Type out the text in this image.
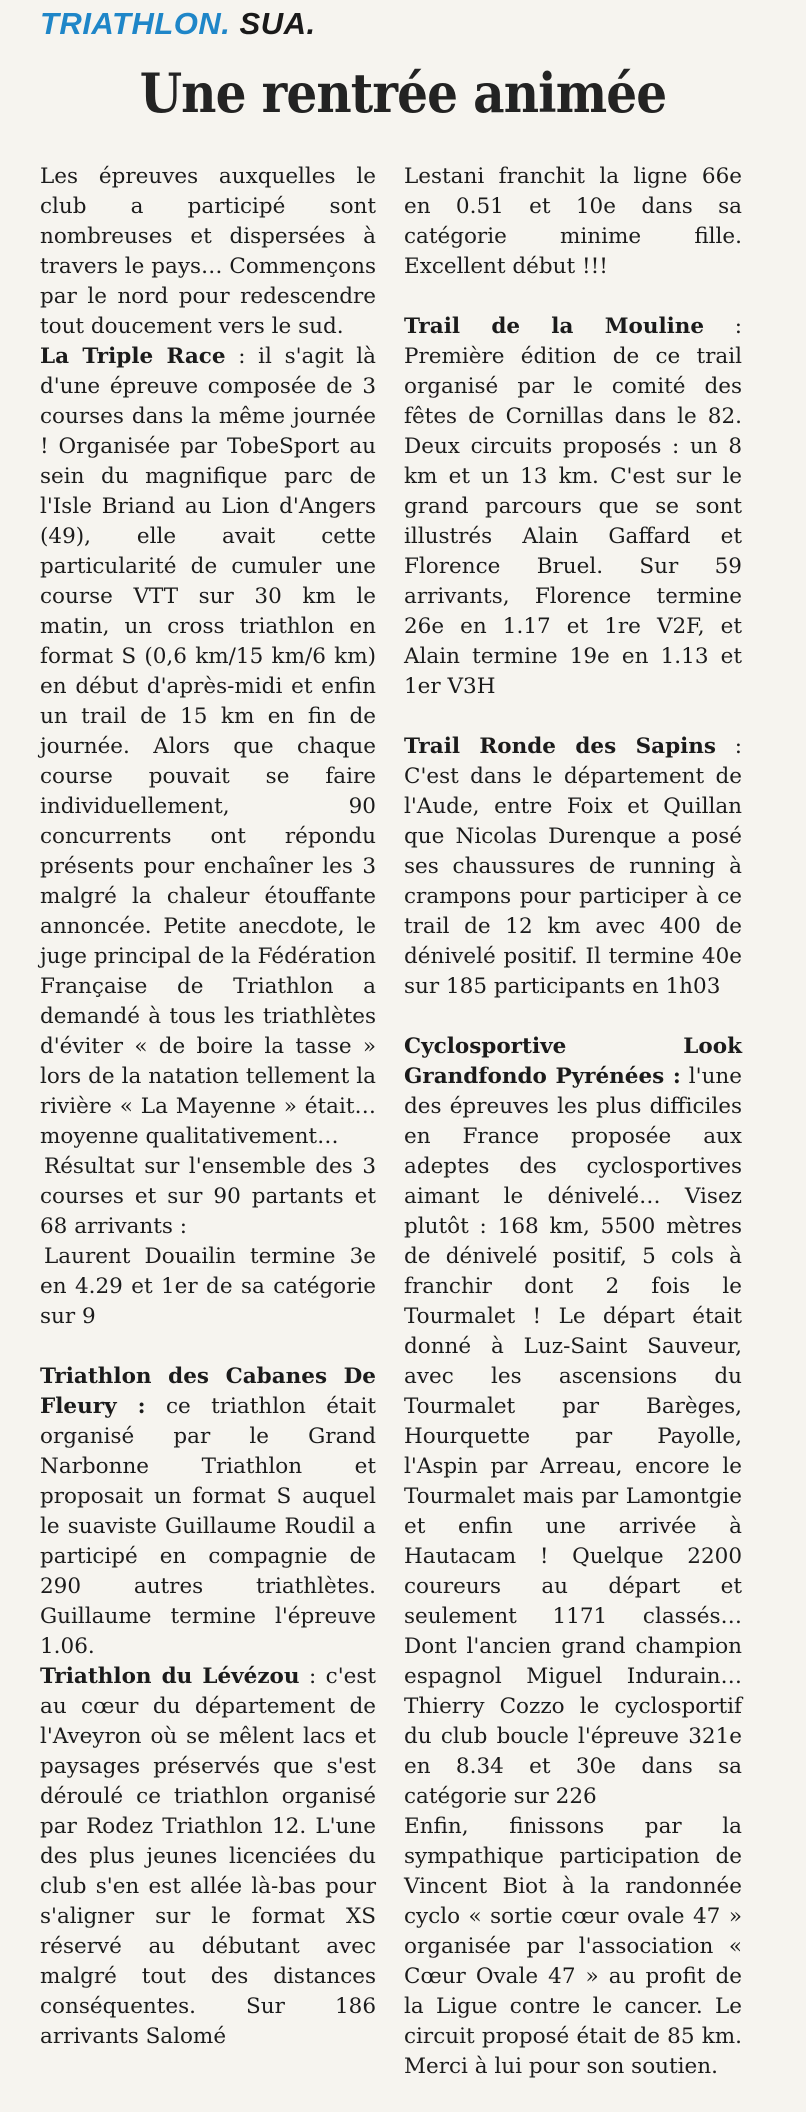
TRIATHLON. SUA.
Une rentrée animée

Les épreuves auxquelles le club a participé sont nombreuses et dispersées à travers le pays… Commençons par le nord pour redescendre tout doucement vers le sud.

La Triple Race : il s'agit là d'une épreuve composée de 3 courses dans la même journée ! Organisée par TobeSport au sein du magnifique parc de l'Isle Briand au Lion d'Angers (49), elle avait cette particularité de cumuler une course VTT sur 30 km le matin, un cross triathlon en format S (0,6 km/15 km/6 km) en début d'après-midi et enfin un trail de 15 km en fin de journée. Alors que chaque course pouvait se faire individuellement, 90 concurrents ont répondu présents pour enchaîner les 3 malgré la chaleur étouffante annoncée. Petite anecdote, le juge principal de la Fédération Française de Triathlon a demandé à tous les triathlètes d'éviter « de boire la tasse » lors de la natation tellement la rivière « La Mayenne » était… moyenne qualitativement…

Résultat sur l'ensemble des 3 courses et sur 90 partants et 68 arrivants :

Laurent Douailin termine 3e en 4.29 et 1er de sa catégorie sur 9

Triathlon des Cabanes De Fleury : ce triathlon était organisé par le Grand Narbonne Triathlon et proposait un format S auquel le suaviste Guillaume Roudil a participé en compagnie de 290 autres triathlètes. Guillaume termine l'épreuve 1.06.

Triathlon du Lévézou : c'est au cœur du département de l'Aveyron où se mêlent lacs et paysages préservés que s'est déroulé ce triathlon organisé par Rodez Triathlon 12. L'une des plus jeunes licenciées du club s'en est allée là-bas pour s'aligner sur le format XS réservé au débutant avec malgré tout des distances conséquentes. Sur 186 arrivants Salomé

Lestani franchit la ligne 66e en 0.51 et 10e dans sa catégorie minime fille. Excellent début !!!

Trail de la Mouline : Première édition de ce trail organisé par le comité des fêtes de Cornillas dans le 82. Deux circuits proposés : un 8 km et un 13 km. C'est sur le grand parcours que se sont illustrés Alain Gaffard et Florence Bruel. Sur 59 arrivants, Florence termine 26e en 1.17 et 1re V2F, et Alain termine 19e en 1.13 et 1er V3H

Trail Ronde des Sapins : C'est dans le département de l'Aude, entre Foix et Quillan que Nicolas Durenque a posé ses chaussures de running à crampons pour participer à ce trail de 12 km avec 400 de dénivelé positif. Il termine 40e sur 185 participants en 1h03

Cyclosportive Look Grandfondo Pyrénées : l'une des épreuves les plus difficiles en France proposée aux adeptes des cyclosportives aimant le dénivelé… Visez plutôt : 168 km, 5500 mètres de dénivelé positif, 5 cols à franchir dont 2 fois le Tourmalet ! Le départ était donné à Luz-Saint Sauveur, avec les ascensions du Tourmalet par Barèges, Hourquette par Payolle, l'Aspin par Arreau, encore le Tourmalet mais par Lamontgie et enfin une arrivée à Hautacam ! Quelque 2200 coureurs au départ et seulement 1171 classés… Dont l'ancien grand champion espagnol Miguel Indurain… Thierry Cozzo le cyclosportif du club boucle l'épreuve 321e en 8.34 et 30e dans sa catégorie sur 226

Enfin, finissons par la sympathique participation de Vincent Biot à la randonnée cyclo « sortie cœur ovale 47 » organisée par l'association « Cœur Ovale 47 » au profit de la Ligue contre le cancer. Le circuit proposé était de 85 km. Merci à lui pour son soutien.
